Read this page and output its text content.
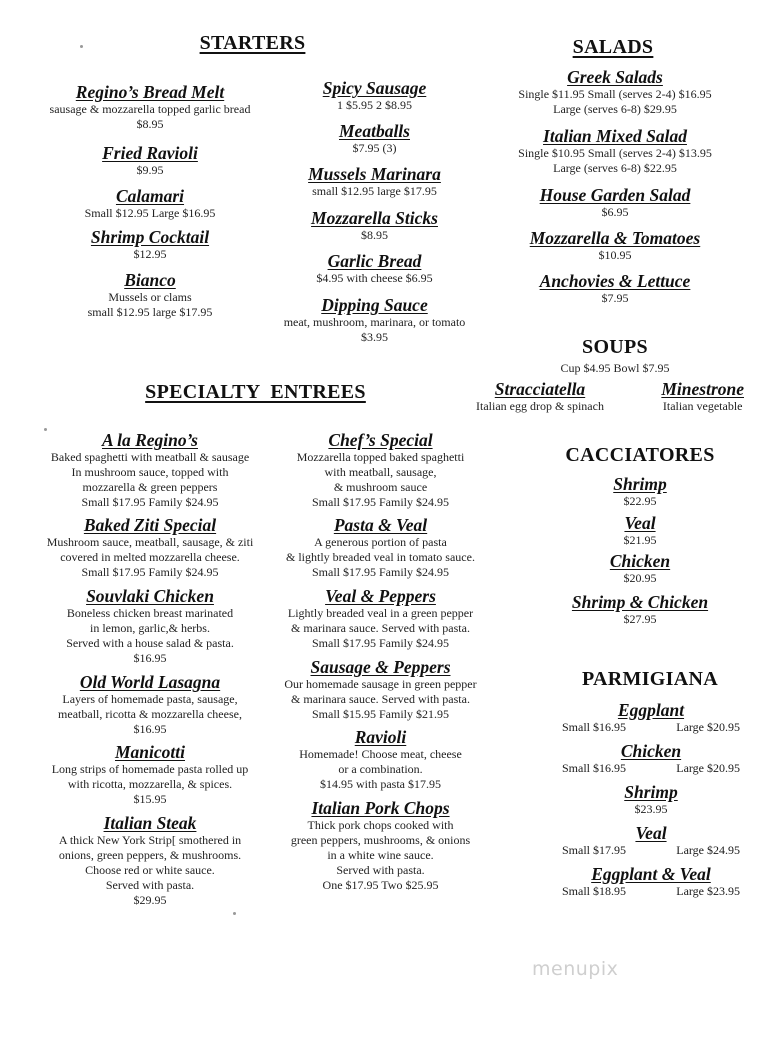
STARTERS
Regino’s Bread Melt
sausage & mozzarella topped garlic bread
$8.95
Fried Ravioli
$9.95
Calamari
Small $12.95 Large $16.95
Shrimp Cocktail
$12.95
Bianco
Mussels or clams
small $12.95 large $17.95
Spicy Sausage
1 $5.95 2 $8.95
Meatballs
$7.95 (3)
Mussels Marinara
small $12.95 large $17.95
Mozzarella Sticks
$8.95
Garlic Bread
$4.95 with cheese $6.95
Dipping Sauce
meat, mushroom, marinara, or tomato
$3.95
SALADS
Greek Salads
Single $11.95 Small (serves 2-4) $16.95
Large (serves 6-8) $29.95
Italian Mixed Salad
Single $10.95 Small (serves 2-4) $13.95
Large (serves 6-8) $22.95
House Garden Salad
$6.95
Mozzarella & Tomatoes
$10.95
Anchovies & Lettuce
$7.95
SOUPS
Cup $4.95 Bowl $7.95
Stracciatella
Italian egg drop & spinach
Minestrone
Italian vegetable
SPECIALTY  ENTREES
A la Regino’s
Baked spaghetti with meatball & sausage
In mushroom sauce, topped with
mozzarella & green peppers
Small $17.95 Family $24.95
Baked Ziti Special
Mushroom sauce, meatball, sausage, & ziti
covered in melted mozzarella cheese.
Small $17.95 Family $24.95
Souvlaki Chicken
Boneless chicken breast marinated
in lemon, garlic,& herbs.
Served with a house salad & pasta.
$16.95
Old World Lasagna
Layers of homemade pasta, sausage,
meatball, ricotta & mozzarella cheese,
$16.95
Manicotti
Long strips of homemade pasta rolled up
with ricotta, mozzarella, & spices.
$15.95
Italian Steak
A thick New York Strip[ smothered in
onions, green peppers, & mushrooms.
Choose red or white sauce.
Served with pasta.
$29.95
Chef’s Special
Mozzarella topped baked spaghetti
with meatball, sausage,
& mushroom sauce
Small $17.95 Family $24.95
Pasta & Veal
A generous portion of pasta
& lightly breaded veal in tomato sauce.
Small $17.95 Family $24.95
Veal & Peppers
Lightly breaded veal in a green pepper
& marinara sauce. Served with pasta.
Small $17.95 Family $24.95
Sausage & Peppers
Our homemade sausage in green pepper
& marinara sauce. Served with pasta.
Small $15.95 Family $21.95
Ravioli
Homemade! Choose meat, cheese
or a combination.
$14.95 with pasta $17.95
Italian Pork Chops
Thick pork chops cooked with
green peppers, mushrooms, & onions
in a white wine sauce.
Served with pasta.
One $17.95 Two $25.95
CACCIATORES
Shrimp
$22.95
Veal
$21.95
Chicken
$20.95
Shrimp & Chicken
$27.95
PARMIGIANA
Eggplant
Small $16.95	Large $20.95
Chicken
Small $16.95	Large $20.95
Shrimp
$23.95
Veal
Small $17.95	Large $24.95
Eggplant & Veal
Small $18.95	Large $23.95
menupix
